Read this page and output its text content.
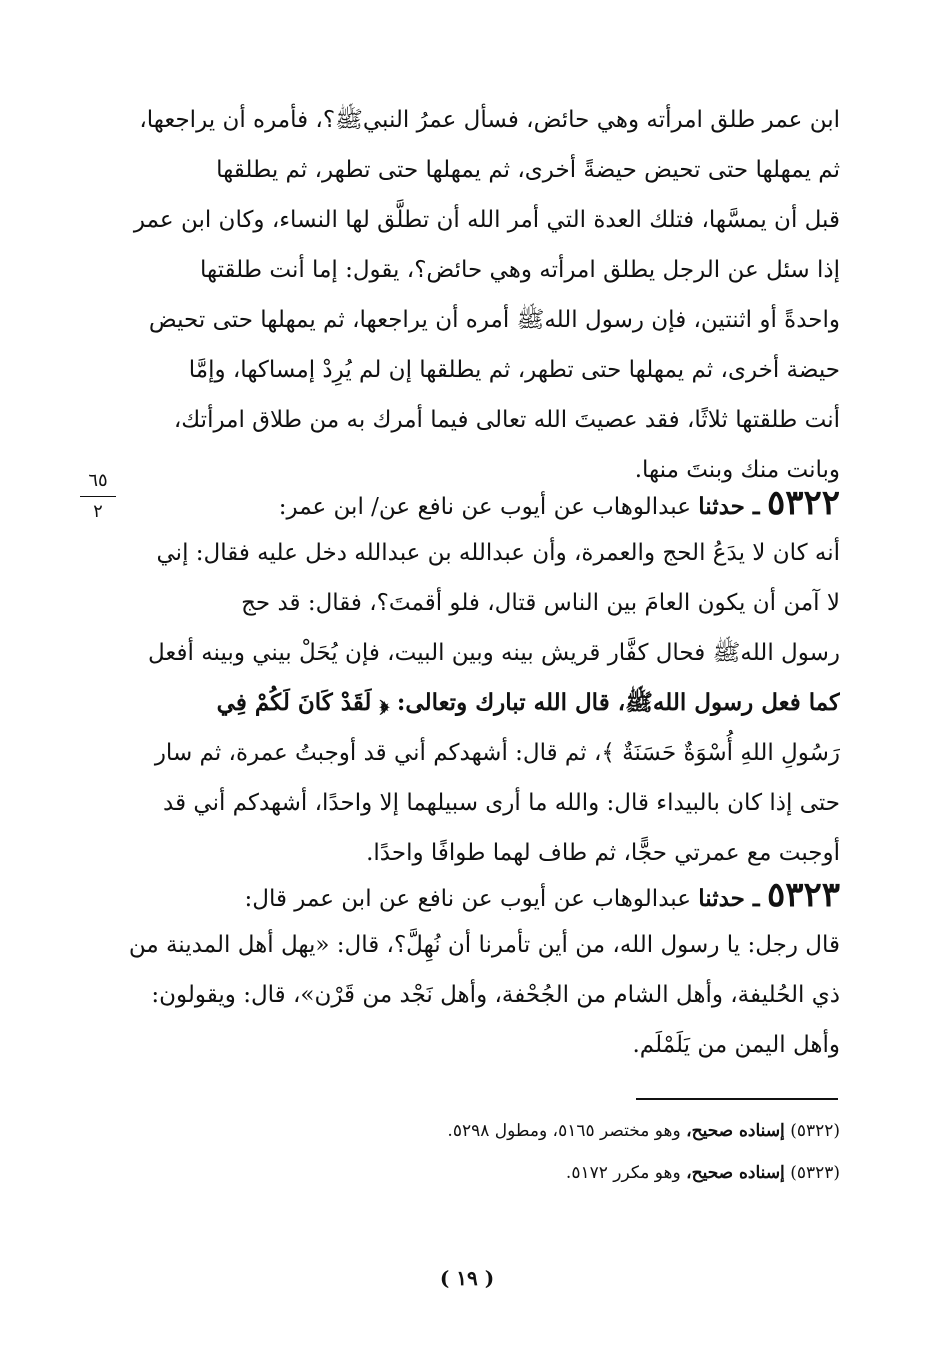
ابن عمر طلق امرأته وهي حائض، فسأل عمرُ النبيﷺ؟، فأمره أن يراجعها،
ثم يمهلها حتى تحيض حيضةً أخرى، ثم يمهلها حتى تطهر، ثم يطلقها
قبل أن يمسَّها، فتلك العدة التي أمر الله أن تطلَّق لها النساء، وكان ابن عمر
إذا سئل عن الرجل يطلق امرأته وهي حائض؟، يقول: إما أنت طلقتها
واحدةً أو اثنتين، فإن رسول اللهﷺ أمره أن يراجعها، ثم يمهلها حتى تحيض
حيضة أخرى، ثم يمهلها حتى تطهر، ثم يطلقها إن لم يُرِدْ إمساكها، وإمَّا
أنت طلقتها ثلاثًا، فقد عصيتَ الله تعالى فيما أمرك به من طلاق امرأتك،
وبانت منك وبنتَ منها.
٦٥
٢	٥٣٢٢ ـ حدثنا عبدالوهاب عن أيوب عن نافع عن/ ابن عمر:
أنه كان لا يدَعُ الحج والعمرة، وأن عبدالله بن عبدالله دخل عليه فقال: إني
لا آمن أن يكون العامَ بين الناس قتال، فلو أقمتَ؟، فقال: قد حج
رسول اللهﷺ فحال كفَّار قريش بينه وبين البيت، فإن يُحَلْ بيني وبينه أفعل
كما فعل رسول اللهﷺ، قال الله تبارك وتعالى: ﴿ لَقَدْ كَانَ لَكُمْ فِي
رَسُولِ اللهِ أُسْوَةٌ حَسَنَةٌ ﴾، ثم قال: أشهدكم أني قد أوجبتُ عمرة، ثم سار
حتى إذا كان بالبيداء قال: والله ما أرى سبيلهما إلا واحدًا، أشهدكم أني قد
أوجبت مع عمرتي حجًّا، ثم طاف لهما طوافًا واحدًا.
٥٣٢٣ ـ حدثنا عبدالوهاب عن أيوب عن نافع عن ابن عمر قال:
قال رجل: يا رسول الله، من أين تأمرنا أن نُهِلَّ؟، قال: «يهل أهل المدينة من
ذي الحُليفة، وأهل الشام من الجُحْفة، وأهل نَجْد من قَرْن»، قال: ويقولون:
وأهل اليمن من يَلَمْلَم.
(٥٣٢٢) إسناده صحيح، وهو مختصر ٥١٦٥، ومطول ٥٢٩٨.
(٥٣٢٣) إسناده صحيح، وهو مكرر ٥١٧٢.
( ١٩ )
